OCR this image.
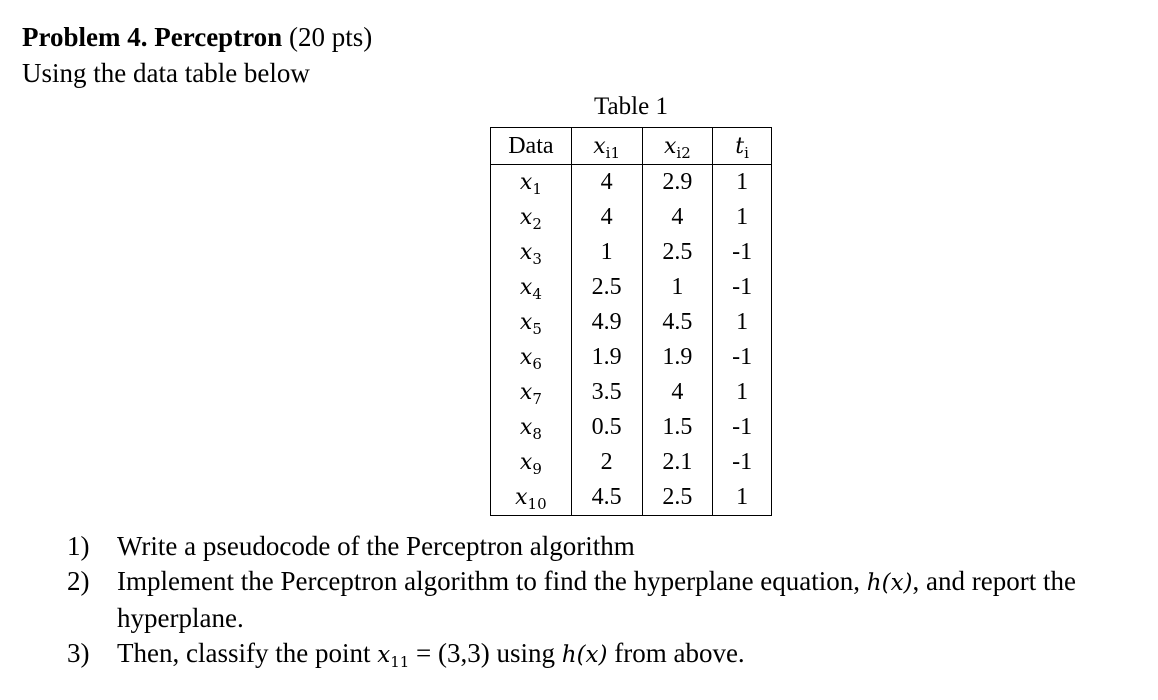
Problem 4. Perceptron (20 pts)
Using the data table below
Table 1
Data	$x_{i1}$	$x_{i2}$	$t_i$
$x_1$	4	2.9	1
$x_2$	4	4	1
$x_3$	1	2.5	-1
$x_4$	2.5	1	-1
$x_5$	4.9	4.5	1
$x_6$	1.9	1.9	-1
$x_7$	3.5	4	1
$x_8$	0.5	1.5	-1
$x_9$	2	2.1	-1
$x_{10}$	4.5	2.5	1
1) Write a pseudocode of the Perceptron algorithm
2) Implement the Perceptron algorithm to find the hyperplane equation, h(x), and report the hyperplane.
3) Then, classify the point $x_{11} = (3,3)$ using h(x) from above.
